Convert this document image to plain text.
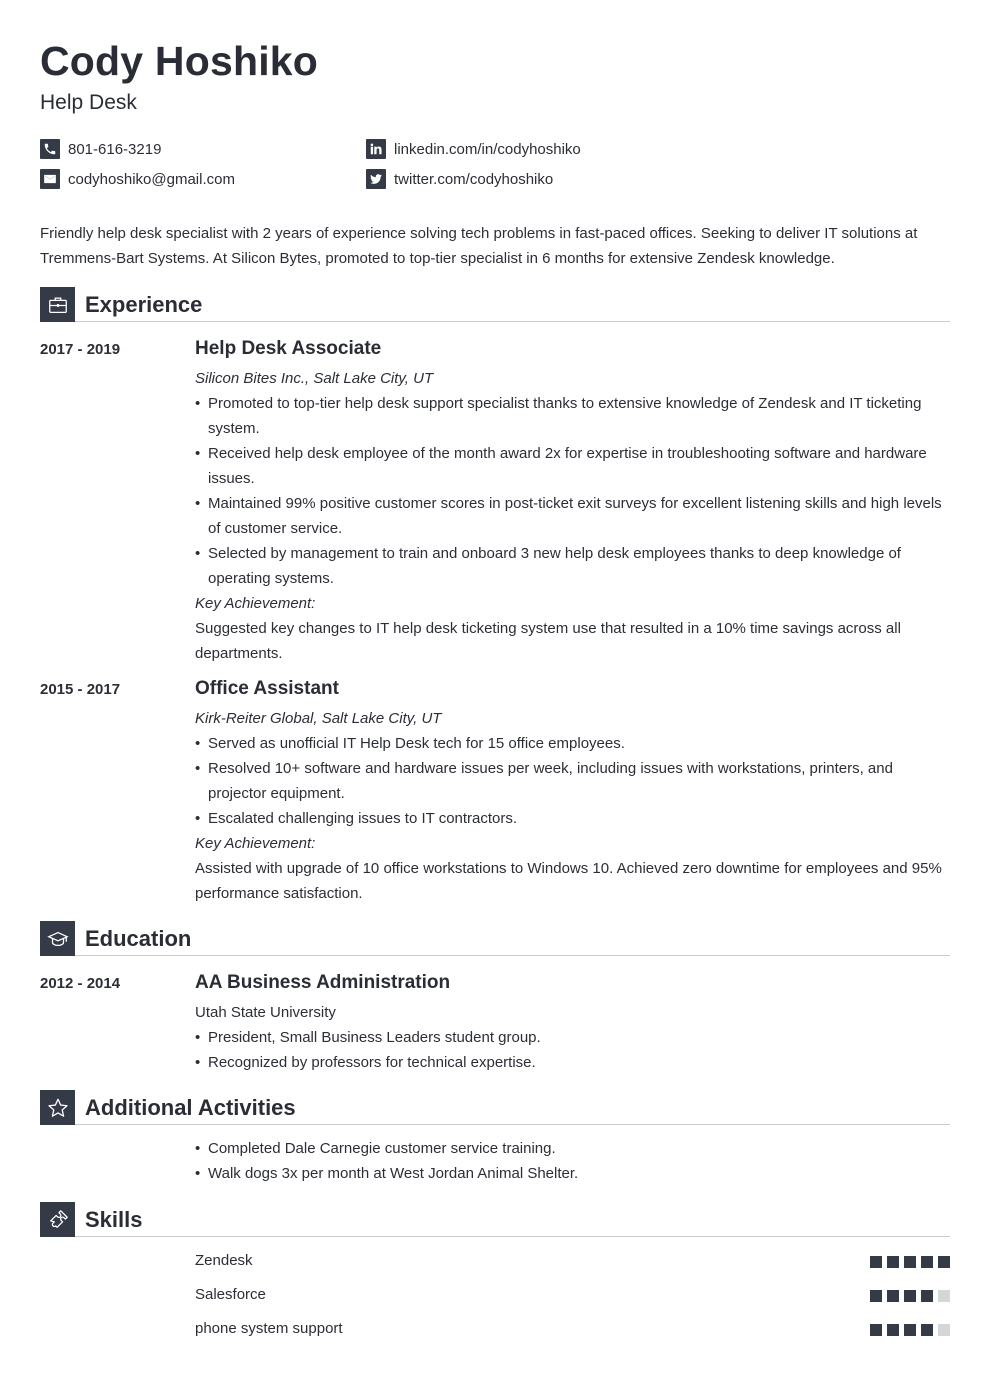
Cody Hoshiko
Help Desk
801-616-3219
codyhoshiko@gmail.com
linkedin.com/in/codyhoshiko
twitter.com/codyhoshiko

Friendly help desk specialist with 2 years of experience solving tech problems in fast-paced offices. Seeking to deliver IT solutions at Tremmens-Bart Systems. At Silicon Bytes, promoted to top-tier specialist in 6 months for extensive Zendesk knowledge.

Experience
2017 - 2019	Help Desk Associate
Silicon Bites Inc., Salt Lake City, UT
• Promoted to top-tier help desk support specialist thanks to extensive knowledge of Zendesk and IT ticketing system.
• Received help desk employee of the month award 2x for expertise in troubleshooting software and hardware issues.
• Maintained 99% positive customer scores in post-ticket exit surveys for excellent listening skills and high levels of customer service.
• Selected by management to train and onboard 3 new help desk employees thanks to deep knowledge of operating systems.
Key Achievement:
Suggested key changes to IT help desk ticketing system use that resulted in a 10% time savings across all departments.
2015 - 2017	Office Assistant
Kirk-Reiter Global, Salt Lake City, UT
• Served as unofficial IT Help Desk tech for 15 office employees.
• Resolved 10+ software and hardware issues per week, including issues with workstations, printers, and projector equipment.
• Escalated challenging issues to IT contractors.
Key Achievement:
Assisted with upgrade of 10 office workstations to Windows 10. Achieved zero downtime for employees and 95% performance satisfaction.
Education
2012 - 2014	AA Business Administration
Utah State University
• President, Small Business Leaders student group.
• Recognized by professors for technical expertise.
Additional Activities
• Completed Dale Carnegie customer service training.
• Walk dogs 3x per month at West Jordan Animal Shelter.
Skills
Zendesk
Salesforce
phone system support
